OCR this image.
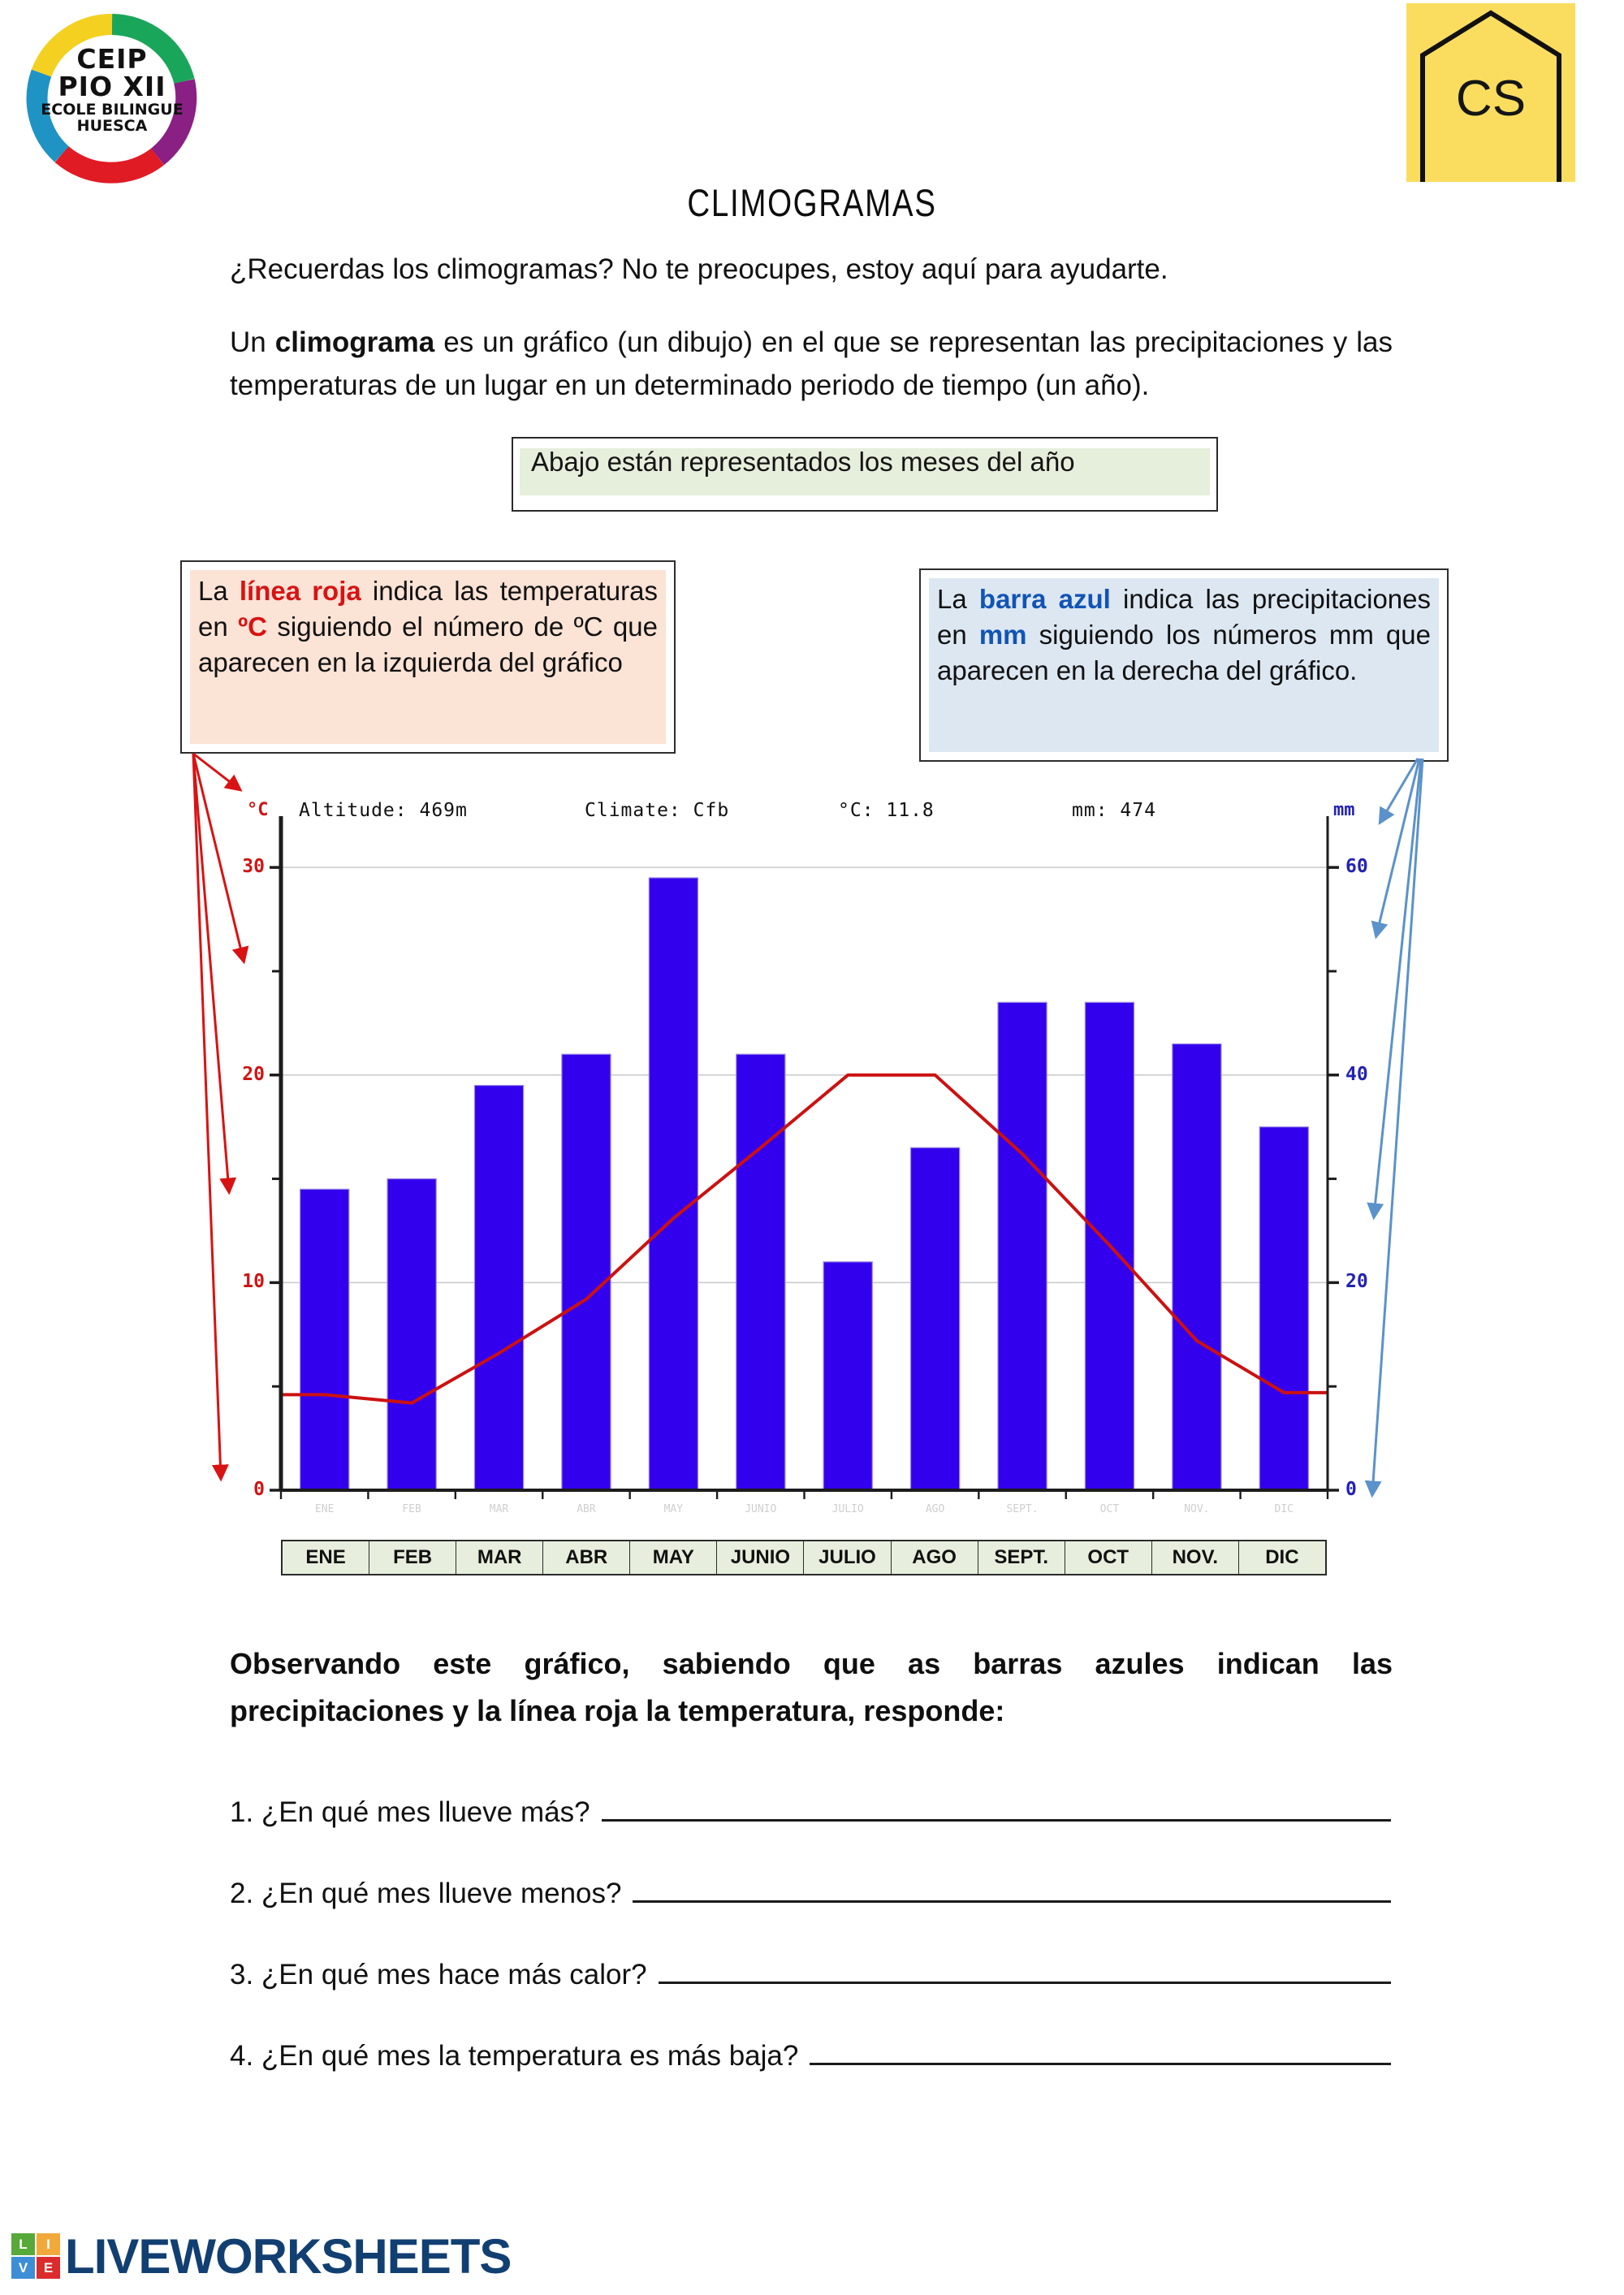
CEIP
PIO XII
ECOLE BILINGUE
HUESCA	CS
CLIMOGRAMAS
¿Recuerdas los climogramas? No te preocupes, estoy aquí para ayudarte.
Un climograma es un gráfico (un dibujo) en el que se representan las precipitaciones y las temperaturas de un lugar en un determinado periodo de tiempo (un año).
Abajo están representados los meses del año

La línea roja indica las temperaturas en ºC siguiendo el número de ºC que aparecen en la izquierda del gráfico

La barra azul indica las precipitaciones en mm siguiendo los números mm que aparecen en la derecha del gráfico.

Altitude: 469m	Climate: Cfb	°C: 11.8	mm: 474
°C	mm
0
10
20
30
0
20
40
60
ENE	FEB	MAR	ABR	MAY	JUNIO	JULIO	AGO	SEPT.	OCT	NOV.	DIC
ENE	FEB	MAR	ABR	MAY	JUNIO	JULIO	AGO	SEPT.	OCT	NOV.	DIC
Observando este gráfico, sabiendo que as barras azules indican las precipitaciones y la línea roja la temperatura, responde:
1. ¿En qué mes llueve más?
2. ¿En qué mes llueve menos?
3. ¿En qué mes hace más calor?
4. ¿En qué mes la temperatura es más baja?
L	I
V	E LIVEWORKSHEETS
